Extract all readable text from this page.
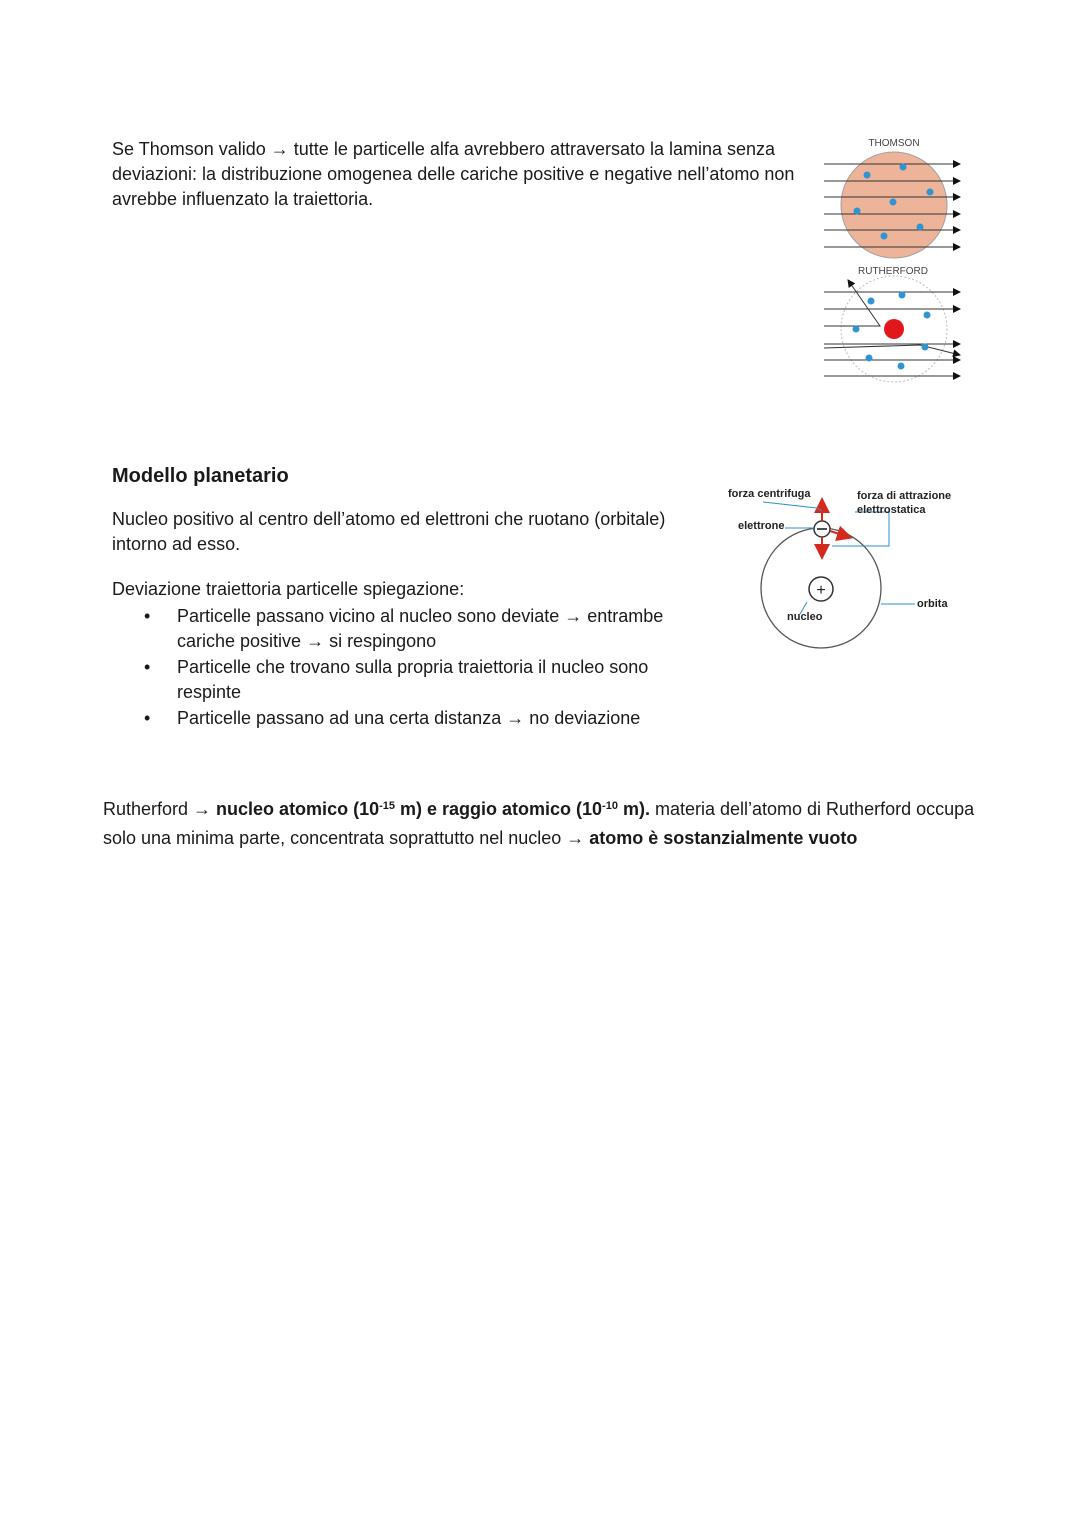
Se Thomson valido → tutte le particelle alfa avrebbero attraversato la lamina senza deviazioni: la distribuzione omogenea delle cariche positive e negative nell’atomo non avrebbe influenzato la traiettoria.

THOMSON
RUTHERFORD
Modello planetario

Nucleo positivo al centro dell’atomo ed elettroni che ruotano (orbitale) intorno ad esso.

Deviazione traiettoria particelle spiegazione:

• Particelle passano vicino al nucleo sono deviate → entrambe cariche positive → si respingono
• Particelle che trovano sulla propria traiettoria il nucleo sono respinte
• Particelle passano ad una certa distanza → no deviazione
+
forza centrifuga	forza di attrazione
elettrostatica
elettrone
nucleo
orbita

Rutherford → nucleo atomico ($10^{-15}$ m) e raggio atomico ($10^{-10}$ m). materia dell’atomo di Rutherford occupa solo una minima parte, concentrata soprattutto nel nucleo → atomo è sostanzialmente vuoto
